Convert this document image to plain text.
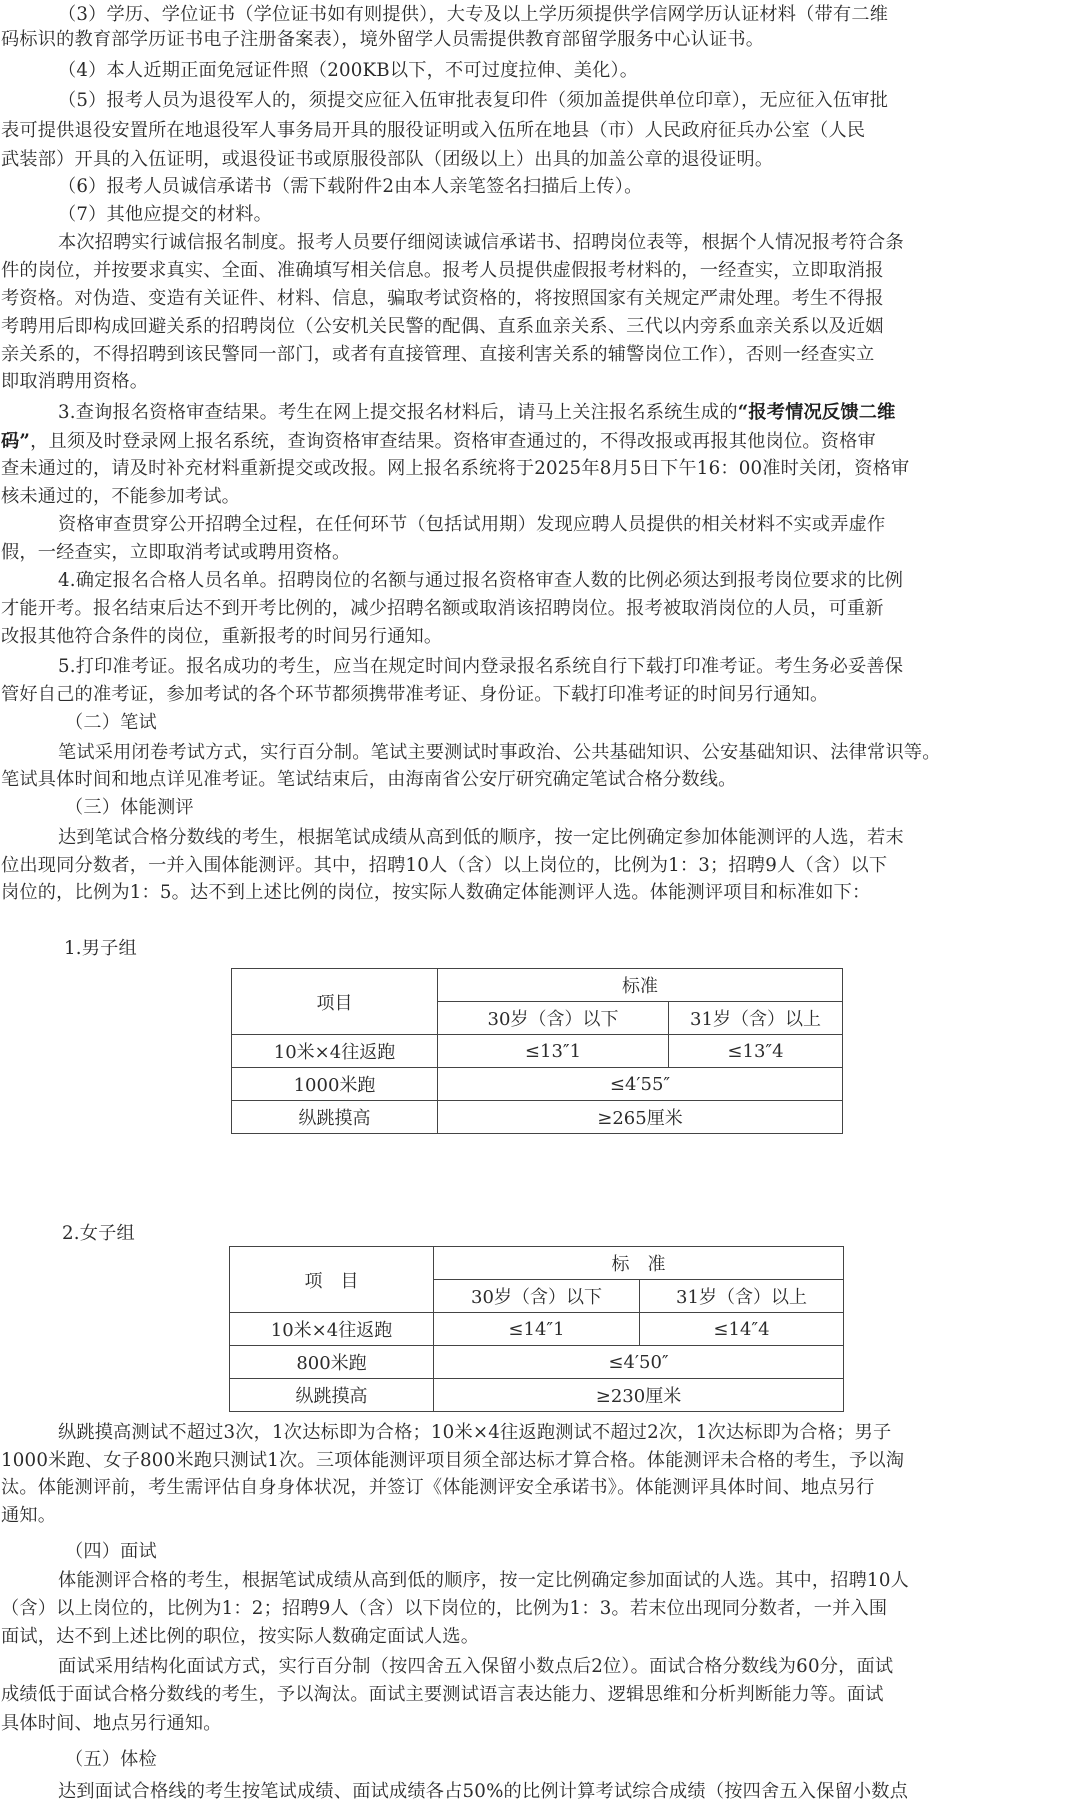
（3）学历、学位证书（学位证书如有则提供），大专及以上学历须提供学信网学历认证材料（带有二维
码标识的教育部学历证书电子注册备案表），境外留学人员需提供教育部留学服务中心认证书。
（4）本人近期正面免冠证件照（200KB以下，不可过度拉伸、美化）。
（5）报考人员为退役军人的，须提交应征入伍审批表复印件（须加盖提供单位印章），无应征入伍审批
表可提供退役安置所在地退役军人事务局开具的服役证明或入伍所在地县（市）人民政府征兵办公室（人民
武装部）开具的入伍证明，或退役证书或原服役部队（团级以上）出具的加盖公章的退役证明。
（6）报考人员诚信承诺书（需下载附件2由本人亲笔签名扫描后上传）。
（7）其他应提交的材料。
本次招聘实行诚信报名制度。报考人员要仔细阅读诚信承诺书、招聘岗位表等，根据个人情况报考符合条
件的岗位，并按要求真实、全面、准确填写相关信息。报考人员提供虚假报考材料的，一经查实，立即取消报
考资格。对伪造、变造有关证件、材料、信息，骗取考试资格的，将按照国家有关规定严肃处理。考生不得报
考聘用后即构成回避关系的招聘岗位（公安机关民警的配偶、直系血亲关系、三代以内旁系血亲关系以及近姻
亲关系的，不得招聘到该民警同一部门，或者有直接管理、直接利害关系的辅警岗位工作），否则一经查实立
即取消聘用资格。
3.查询报名资格审查结果。考生在网上提交报名材料后，请马上关注报名系统生成的“报考情况反馈二维
码”，且须及时登录网上报名系统，查询资格审查结果。资格审查通过的，不得改报或再报其他岗位。资格审
查未通过的，请及时补充材料重新提交或改报。网上报名系统将于2025年8月5日下午16：00准时关闭，资格审
核未通过的，不能参加考试。
资格审查贯穿公开招聘全过程，在任何环节（包括试用期）发现应聘人员提供的相关材料不实或弄虚作
假，一经查实，立即取消考试或聘用资格。
4.确定报名合格人员名单。招聘岗位的名额与通过报名资格审查人数的比例必须达到报考岗位要求的比例
才能开考。报名结束后达不到开考比例的，减少招聘名额或取消该招聘岗位。报考被取消岗位的人员，可重新
改报其他符合条件的岗位，重新报考的时间另行通知。
5.打印准考证。报名成功的考生，应当在规定时间内登录报名系统自行下载打印准考证。考生务必妥善保
管好自己的准考证，参加考试的各个环节都须携带准考证、身份证。下载打印准考证的时间另行通知。
（二）笔试
笔试采用闭卷考试方式，实行百分制。笔试主要测试时事政治、公共基础知识、公安基础知识、法律常识等。
笔试具体时间和地点详见准考证。笔试结束后，由海南省公安厅研究确定笔试合格分数线。
（三）体能测评
达到笔试合格分数线的考生，根据笔试成绩从高到低的顺序，按一定比例确定参加体能测评的人选，若末
位出现同分数者，一并入围体能测评。其中，招聘10人（含）以上岗位的，比例为1：3；招聘9人（含）以下
岗位的，比例为1：5。达不到上述比例的岗位，按实际人数确定体能测评人选。体能测评项目和标准如下：
1.男子组
项目	标准	
	30岁（含）以下	31岁（含）以上
10米×4往返跑	≤13″1	≤13″4
1000米跑	≤4′55″	
纵跳摸高	≥265厘米	
2.女子组
项　目	标　准	
	30岁（含）以下	31岁（含）以上
10米×4往返跑	≤14″1	≤14″4
800米跑	≤4′50″	
纵跳摸高	≥230厘米	
纵跳摸高测试不超过3次，1次达标即为合格；10米×4往返跑测试不超过2次，1次达标即为合格；男子
1000米跑、女子800米跑只测试1次。三项体能测评项目须全部达标才算合格。体能测评未合格的考生，予以淘
汰。体能测评前，考生需评估自身身体状况，并签订《体能测评安全承诺书》。体能测评具体时间、地点另行
通知。
（四）面试
体能测评合格的考生，根据笔试成绩从高到低的顺序，按一定比例确定参加面试的人选。其中，招聘10人
（含）以上岗位的，比例为1：2；招聘9人（含）以下岗位的，比例为1：3。若末位出现同分数者，一并入围
面试，达不到上述比例的职位，按实际人数确定面试人选。
面试采用结构化面试方式，实行百分制（按四舍五入保留小数点后2位）。面试合格分数线为60分，面试
成绩低于面试合格分数线的考生，予以淘汰。面试主要测试语言表达能力、逻辑思维和分析判断能力等。面试
具体时间、地点另行通知。
（五）体检
达到面试合格线的考生按笔试成绩、面试成绩各占50%的比例计算考试综合成绩（按四舍五入保留小数点
